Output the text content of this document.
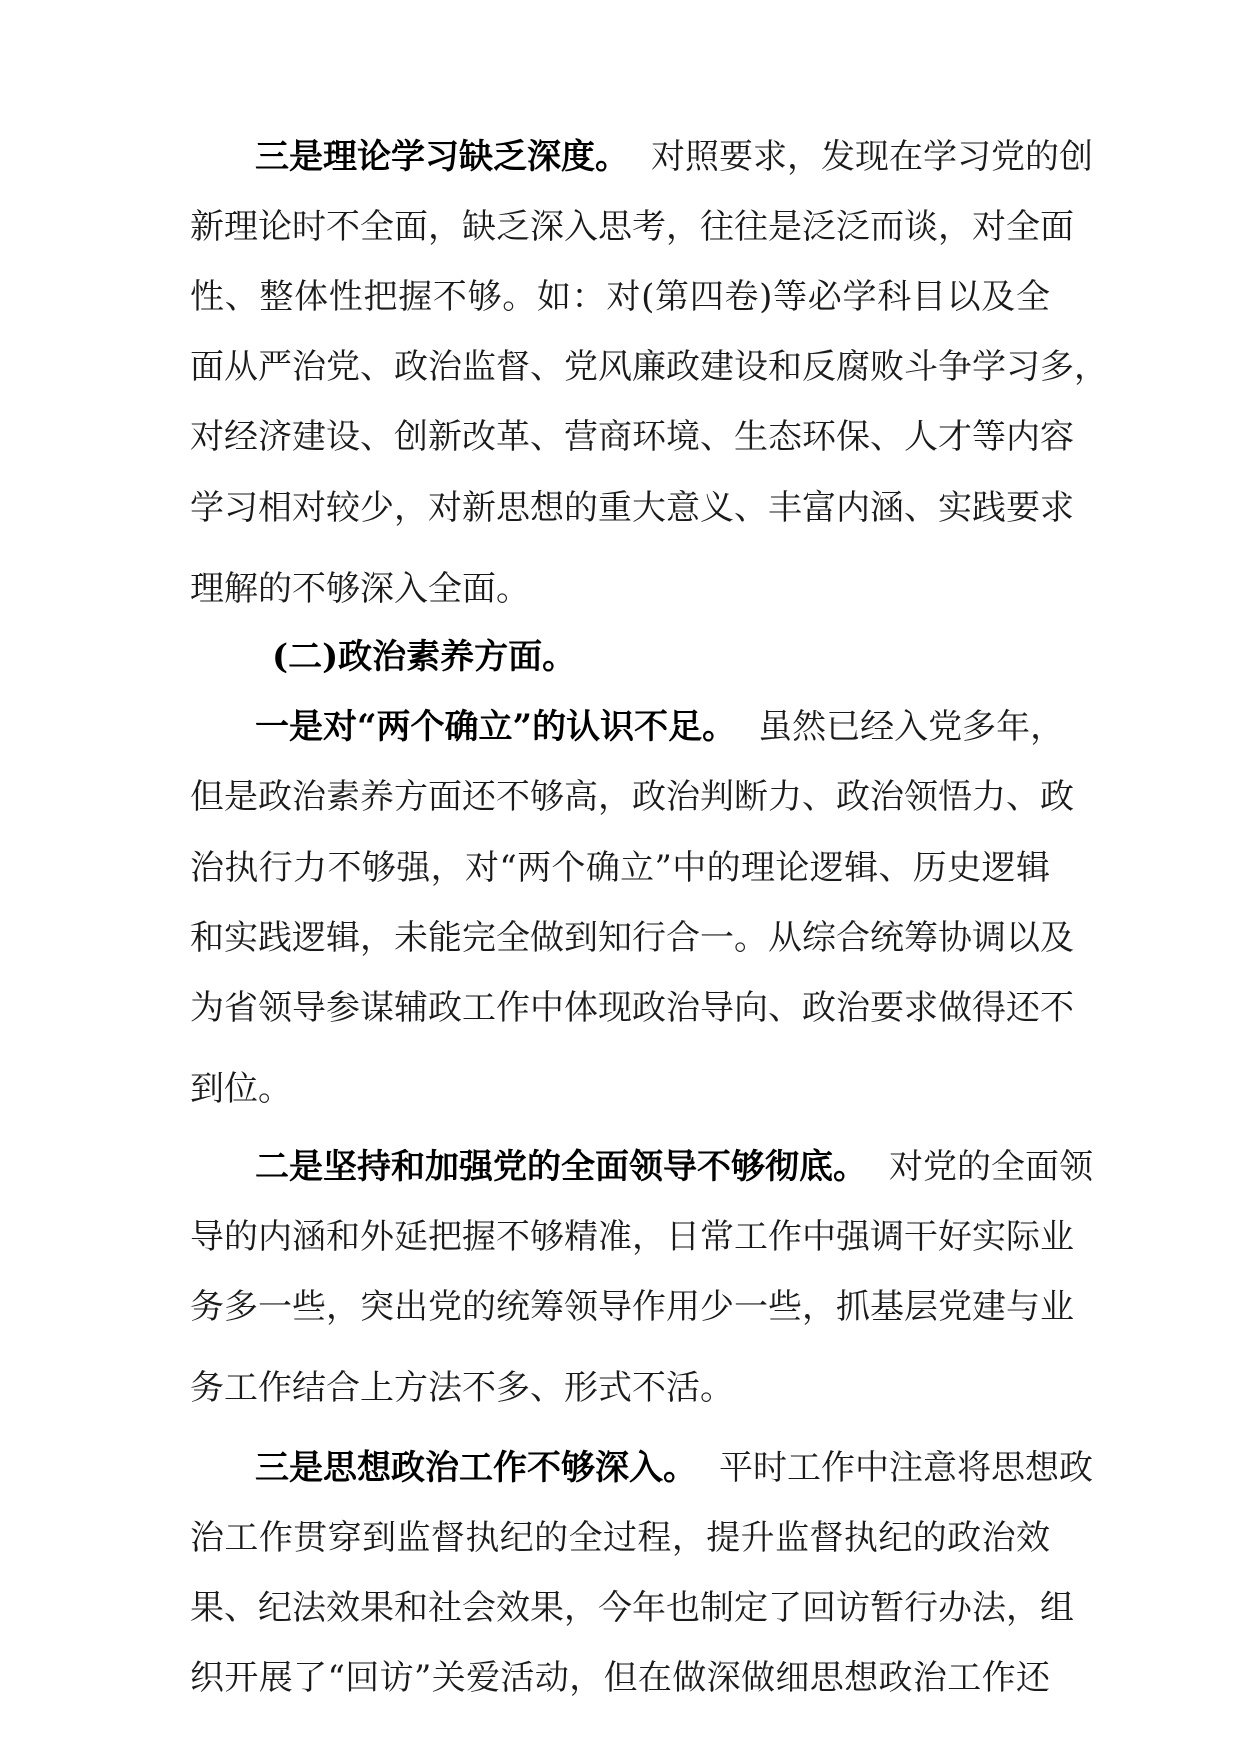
三是理论学习缺乏深度。 对照要求，发现在学习党的创
新理论时不全面，缺乏深入思考，往往是泛泛而谈，对全面
性、整体性把握不够。如：对(第四卷)等必学科目以及全
面从严治党、政治监督、党风廉政建设和反腐败斗争学习多，
对经济建设、创新改革、营商环境、生态环保、人才等内容
学习相对较少，对新思想的重大意义、丰富内涵、实践要求
理解的不够深入全面。
(二)政治素养方面。
一是对“两个确立”的认识不足。 虽然已经入党多年，
但是政治素养方面还不够高，政治判断力、政治领悟力、政
治执行力不够强，对“两个确立”中的理论逻辑、历史逻辑
和实践逻辑，未能完全做到知行合一。从综合统筹协调以及
为省领导参谋辅政工作中体现政治导向、政治要求做得还不
到位。
二是坚持和加强党的全面领导不够彻底。 对党的全面领
导的内涵和外延把握不够精准，日常工作中强调干好实际业
务多一些，突出党的统筹领导作用少一些，抓基层党建与业
务工作结合上方法不多、形式不活。
三是思想政治工作不够深入。 平时工作中注意将思想政
治工作贯穿到监督执纪的全过程，提升监督执纪的政治效
果、纪法效果和社会效果，今年也制定了回访暂行办法，组
织开展了“回访”关爱活动，但在做深做细思想政治工作还
